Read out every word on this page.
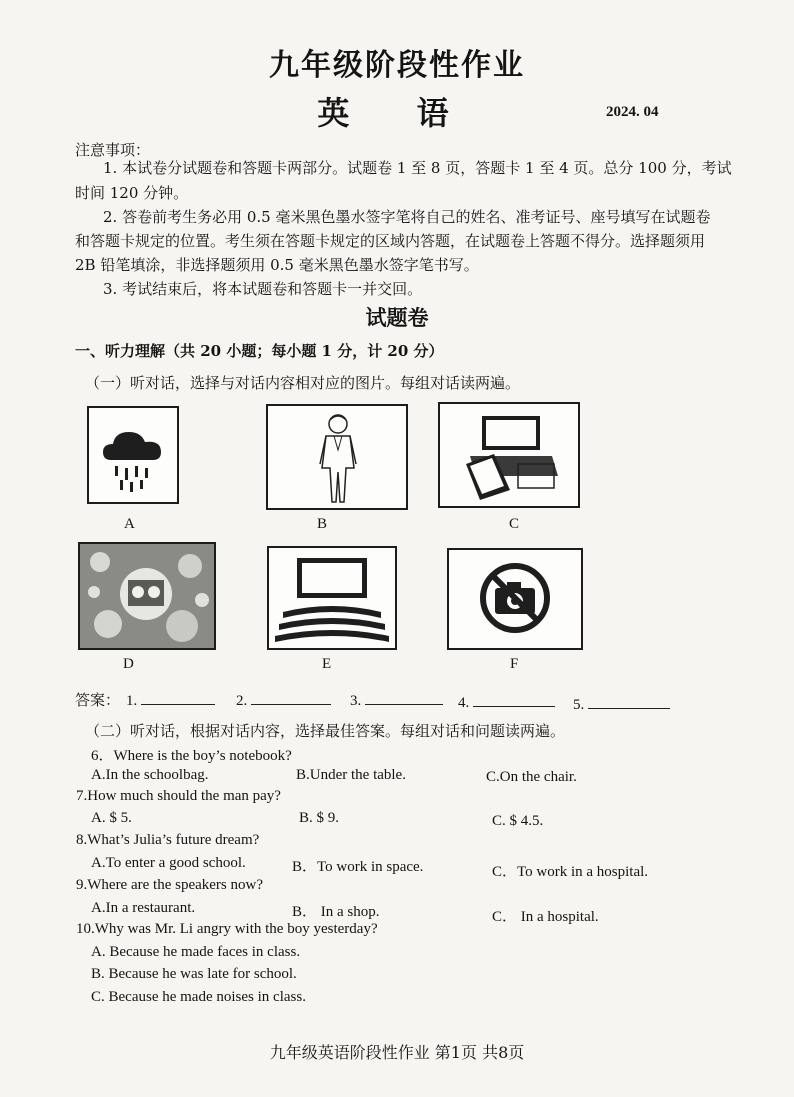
九年级阶段性作业
英 语	2024. 04
注意事项：
1. 本试卷分试题卷和答题卡两部分。试题卷 1 至 8 页，答题卡 1 至 4 页。总分 100 分，考试
时间 120 分钟。
2. 答卷前考生务必用 0.5 毫米黑色墨水签字笔将自己的姓名、准考证号、座号填写在试题卷
和答题卡规定的位置。考生须在答题卡规定的区域内答题，在试题卷上答题不得分。选择题须用
2B 铅笔填涂，非选择题须用 0.5 毫米黑色墨水签字笔书写。
3. 考试结束后，将本试题卷和答题卡一并交回。
试题卷
一、听力理解（共 20 小题；每小题 1 分，计 20 分）
（一）听对话，选择与对话内容相对应的图片。每组对话读两遍。
A	B	C
D	E	F
答案： 1.	2.	3.	4.	5.
（二）听对话，根据对话内容，选择最佳答案。每组对话和问题读两遍。
6．Where is the boy’s notebook?
A.In the schoolbag.	B.Under the table.	C.On the chair.
7.How much should the man pay?
A. $ 5.	B. $ 9.	C. $ 4.5.
8.What’s Julia’s future dream?
A.To enter a good school.	B．To work in space.	C．To work in a hospital.
9.Where are the speakers now?
A.In a restaurant.	B． In a shop.	C． In a hospital.
10.Why was Mr. Li angry with the boy yesterday?
A. Because he made faces in class.
B. Because he was late for school.
C. Because he made noises in class.
九年级英语阶段性作业 第1页 共8页
